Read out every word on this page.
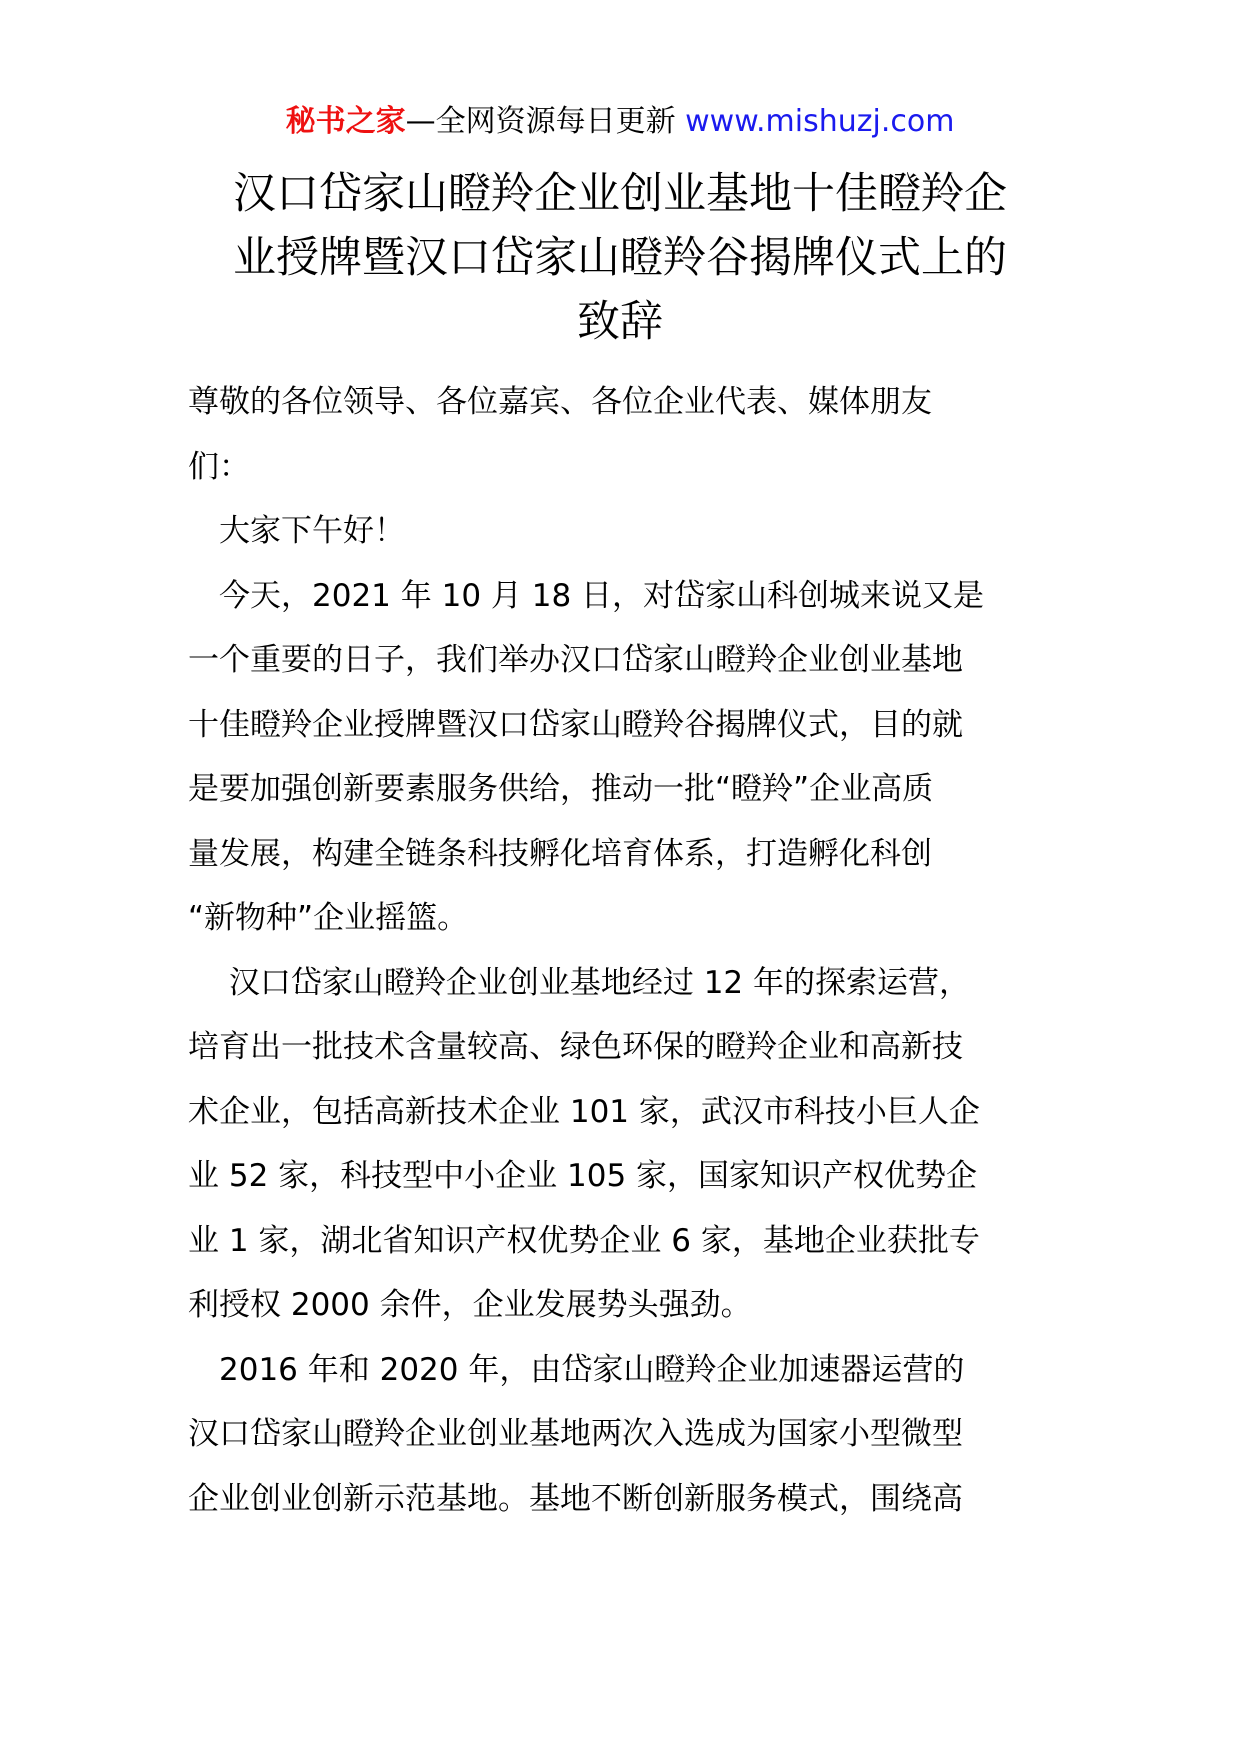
秘书之家—全网资源每日更新 www.mishuzj.com
汉口岱家山瞪羚企业创业基地十佳瞪羚企
业授牌暨汉口岱家山瞪羚谷揭牌仪式上的
致辞

尊敬的各位领导、各位嘉宾、各位企业代表、媒体朋友
们：

　大家下午好！

　今天，2021 年 10 月 18 日，对岱家山科创城来说又是
一个重要的日子，我们举办汉口岱家山瞪羚企业创业基地
十佳瞪羚企业授牌暨汉口岱家山瞪羚谷揭牌仪式，目的就
是要加强创新要素服务供给，推动一批“瞪羚”企业高质
量发展，构建全链条科技孵化培育体系，打造孵化科创
“新物种”企业摇篮。

　 汉口岱家山瞪羚企业创业基地经过 12 年的探索运营，
培育出一批技术含量较高、绿色环保的瞪羚企业和高新技
术企业，包括高新技术企业 101 家，武汉市科技小巨人企
业 52 家，科技型中小企业 105 家，国家知识产权优势企
业 1 家，湖北省知识产权优势企业 6 家，基地企业获批专
利授权 2000 余件，企业发展势头强劲。

　2016 年和 2020 年，由岱家山瞪羚企业加速器运营的
汉口岱家山瞪羚企业创业基地两次入选成为国家小型微型
企业创业创新示范基地。基地不断创新服务模式，围绕高
